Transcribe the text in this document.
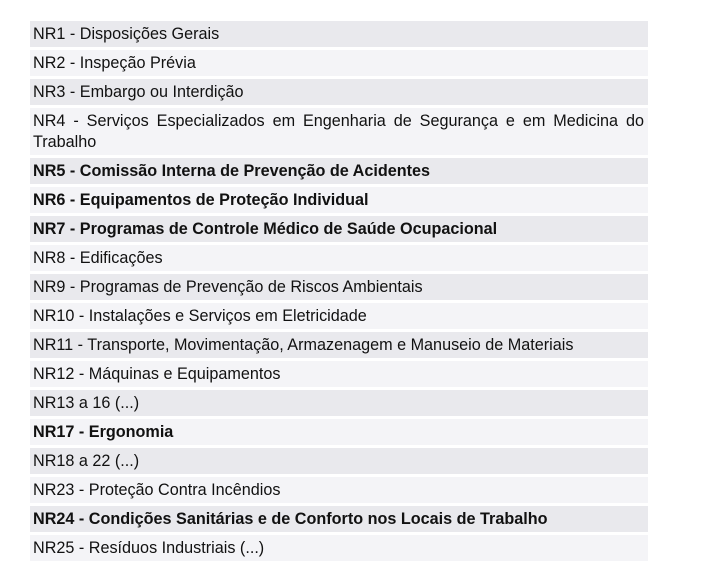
NR1 - Disposições Gerais
NR2 - Inspeção Prévia
NR3 - Embargo ou Interdição
NR4 - Serviços Especializados em Engenharia de Segurança e em Medicina do Trabalho
NR5 - Comissão Interna de Prevenção de Acidentes
NR6 - Equipamentos de Proteção Individual
NR7 - Programas de Controle Médico de Saúde Ocupacional
NR8 - Edificações
NR9 - Programas de Prevenção de Riscos Ambientais
NR10 - Instalações e Serviços em Eletricidade
NR11 - Transporte, Movimentação, Armazenagem e Manuseio de Materiais
NR12 - Máquinas e Equipamentos
NR13 a 16 (...)
NR17 - Ergonomia
NR18 a 22 (...)
NR23 - Proteção Contra Incêndios
NR24 - Condições Sanitárias e de Conforto nos Locais de Trabalho
NR25 - Resíduos Industriais (...)
